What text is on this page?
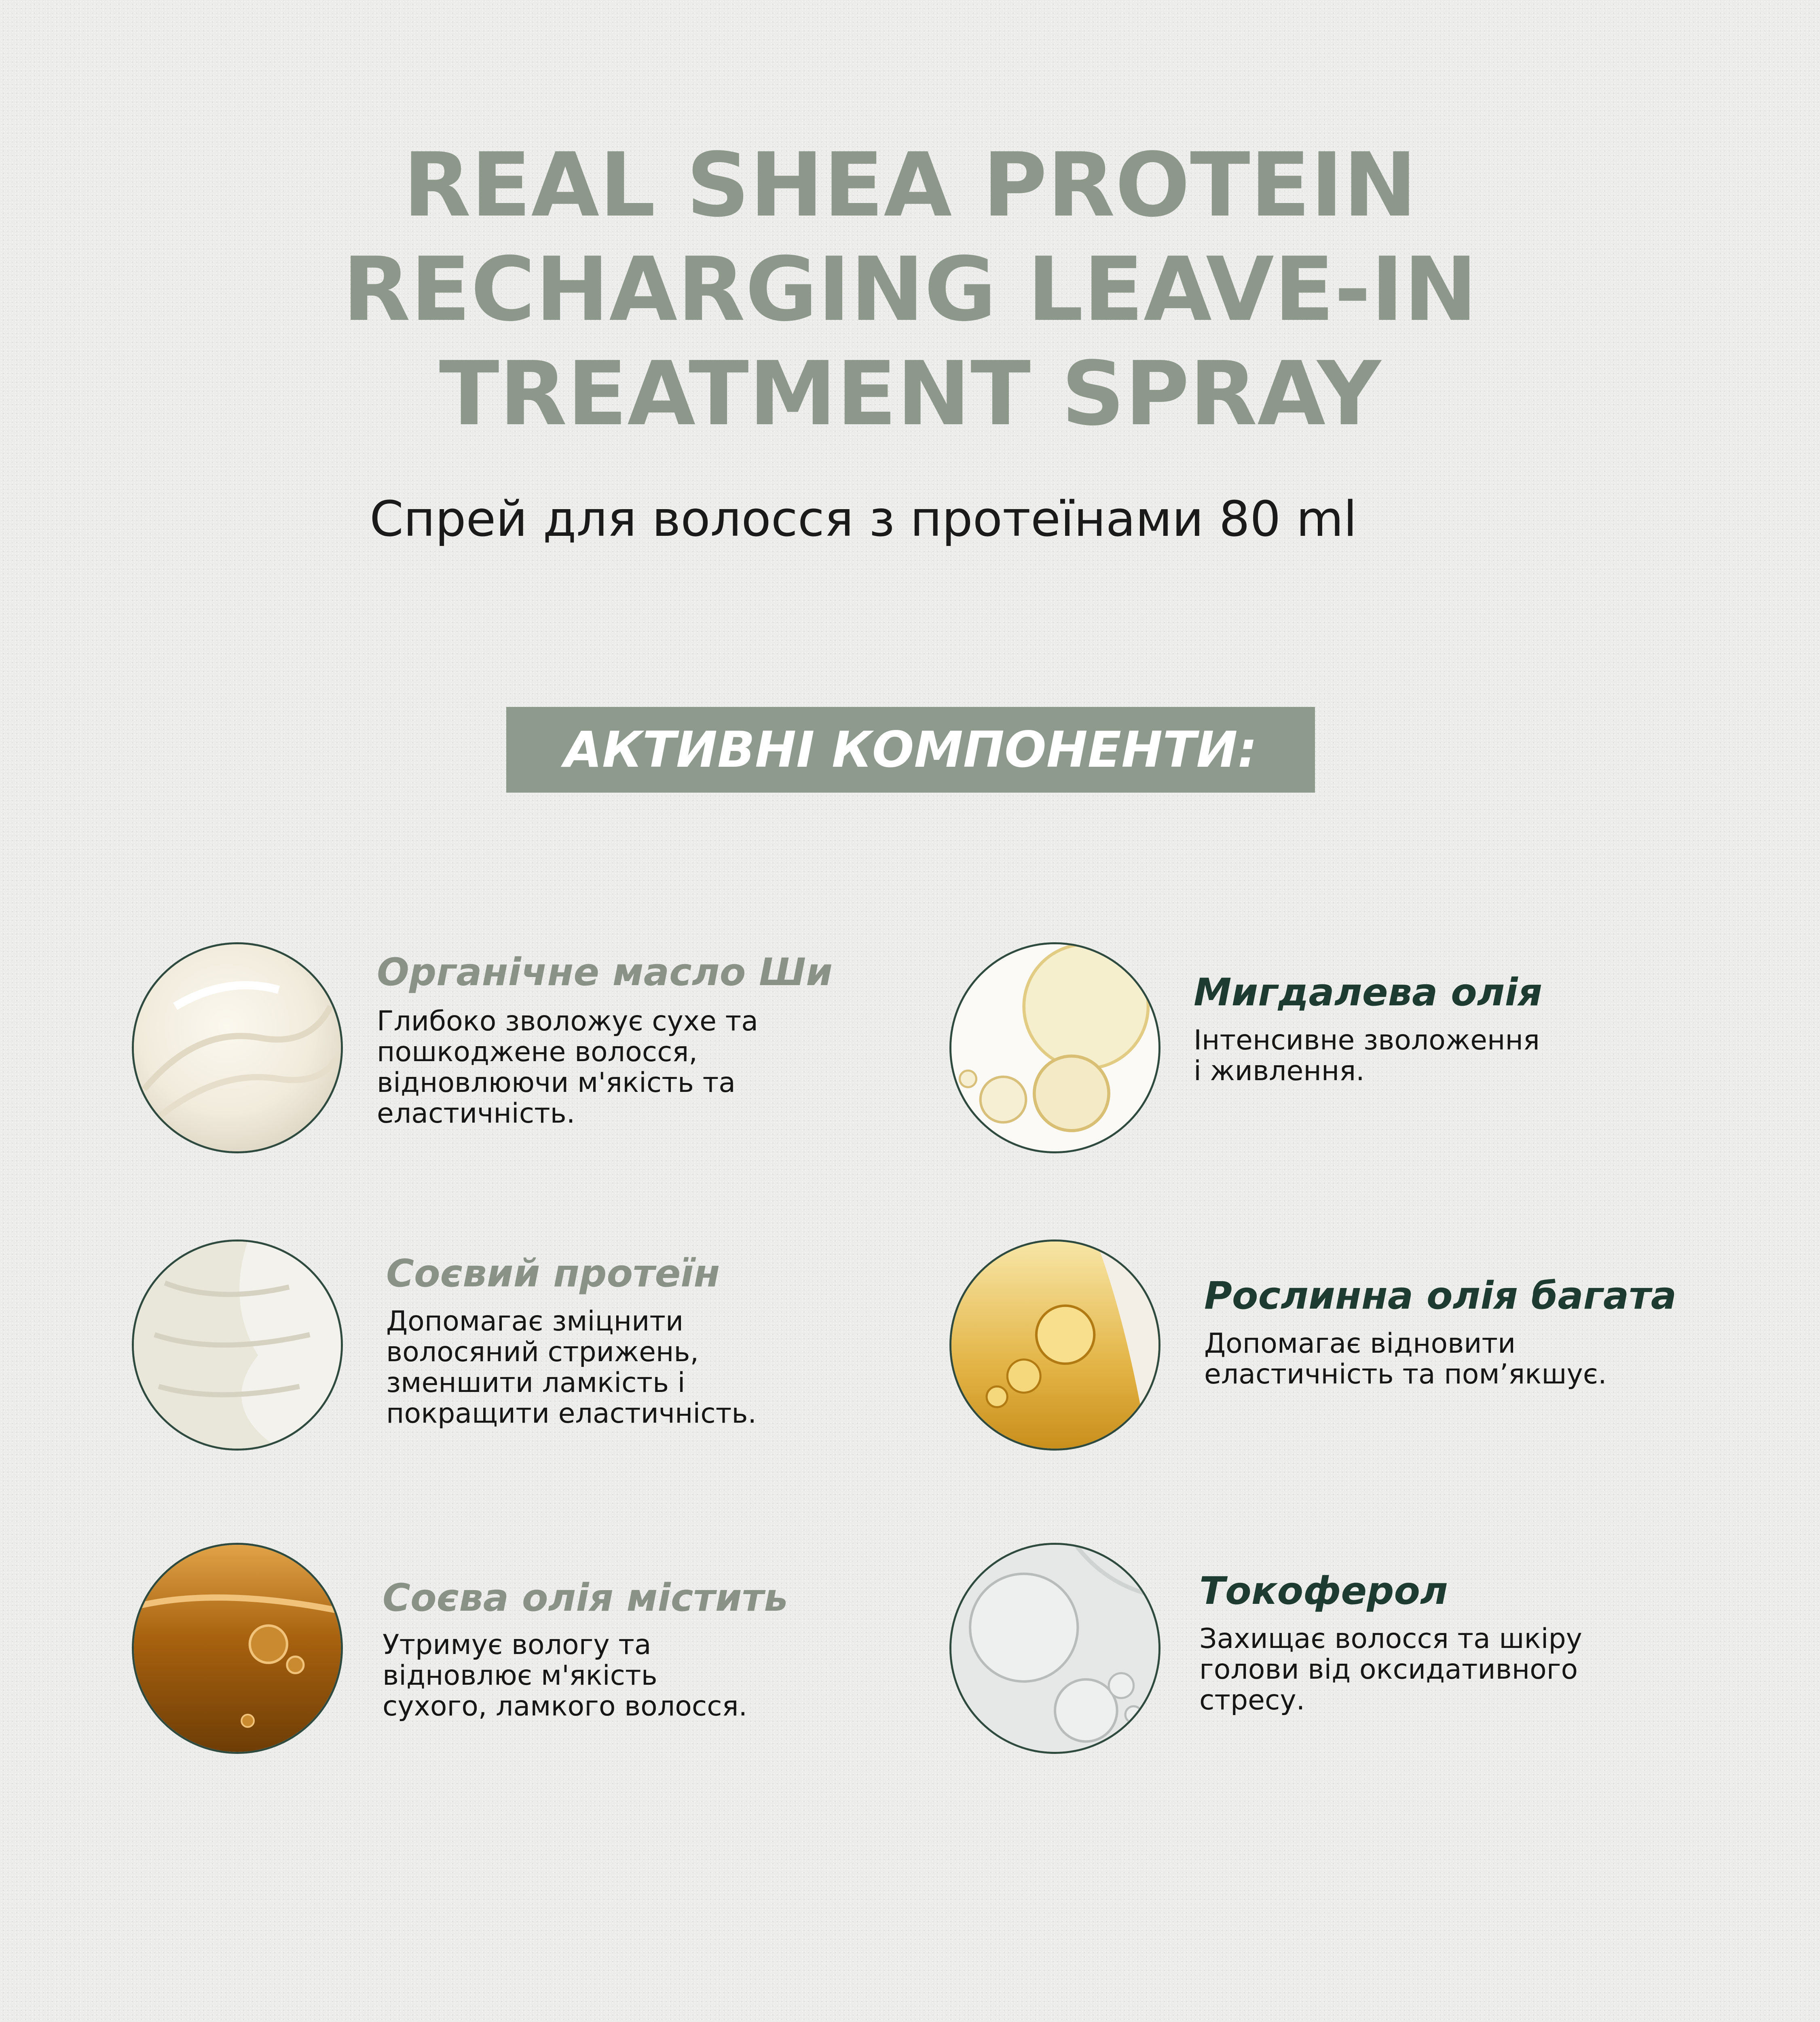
REAL SHEA PROTEIN
RECHARGING LEAVE-IN
TREATMENT SPRAY

Спрей для волосся з протеїнами 80 ml

АКТИВНІ КОМПОНЕНТИ:
Органічне масло Ши
Глибоко зволожує сухе та
пошкоджене волосся,
відновлюючи м'якість та
еластичність.
Мигдалева олія
Інтенсивне зволоження
і живлення.
Соєвий протеїн
Допомагає зміцнити
волосяний стрижень,
зменшити ламкість і
покращити еластичність.
Рослинна олія багата
Допомагає відновити
еластичність та пом’якшує.
Соєва олія містить
Утримує вологу та
відновлює м'якість
сухого, ламкого волосся.
Токоферол
Захищає волосся та шкіру
голови від оксидативного
стресу.
